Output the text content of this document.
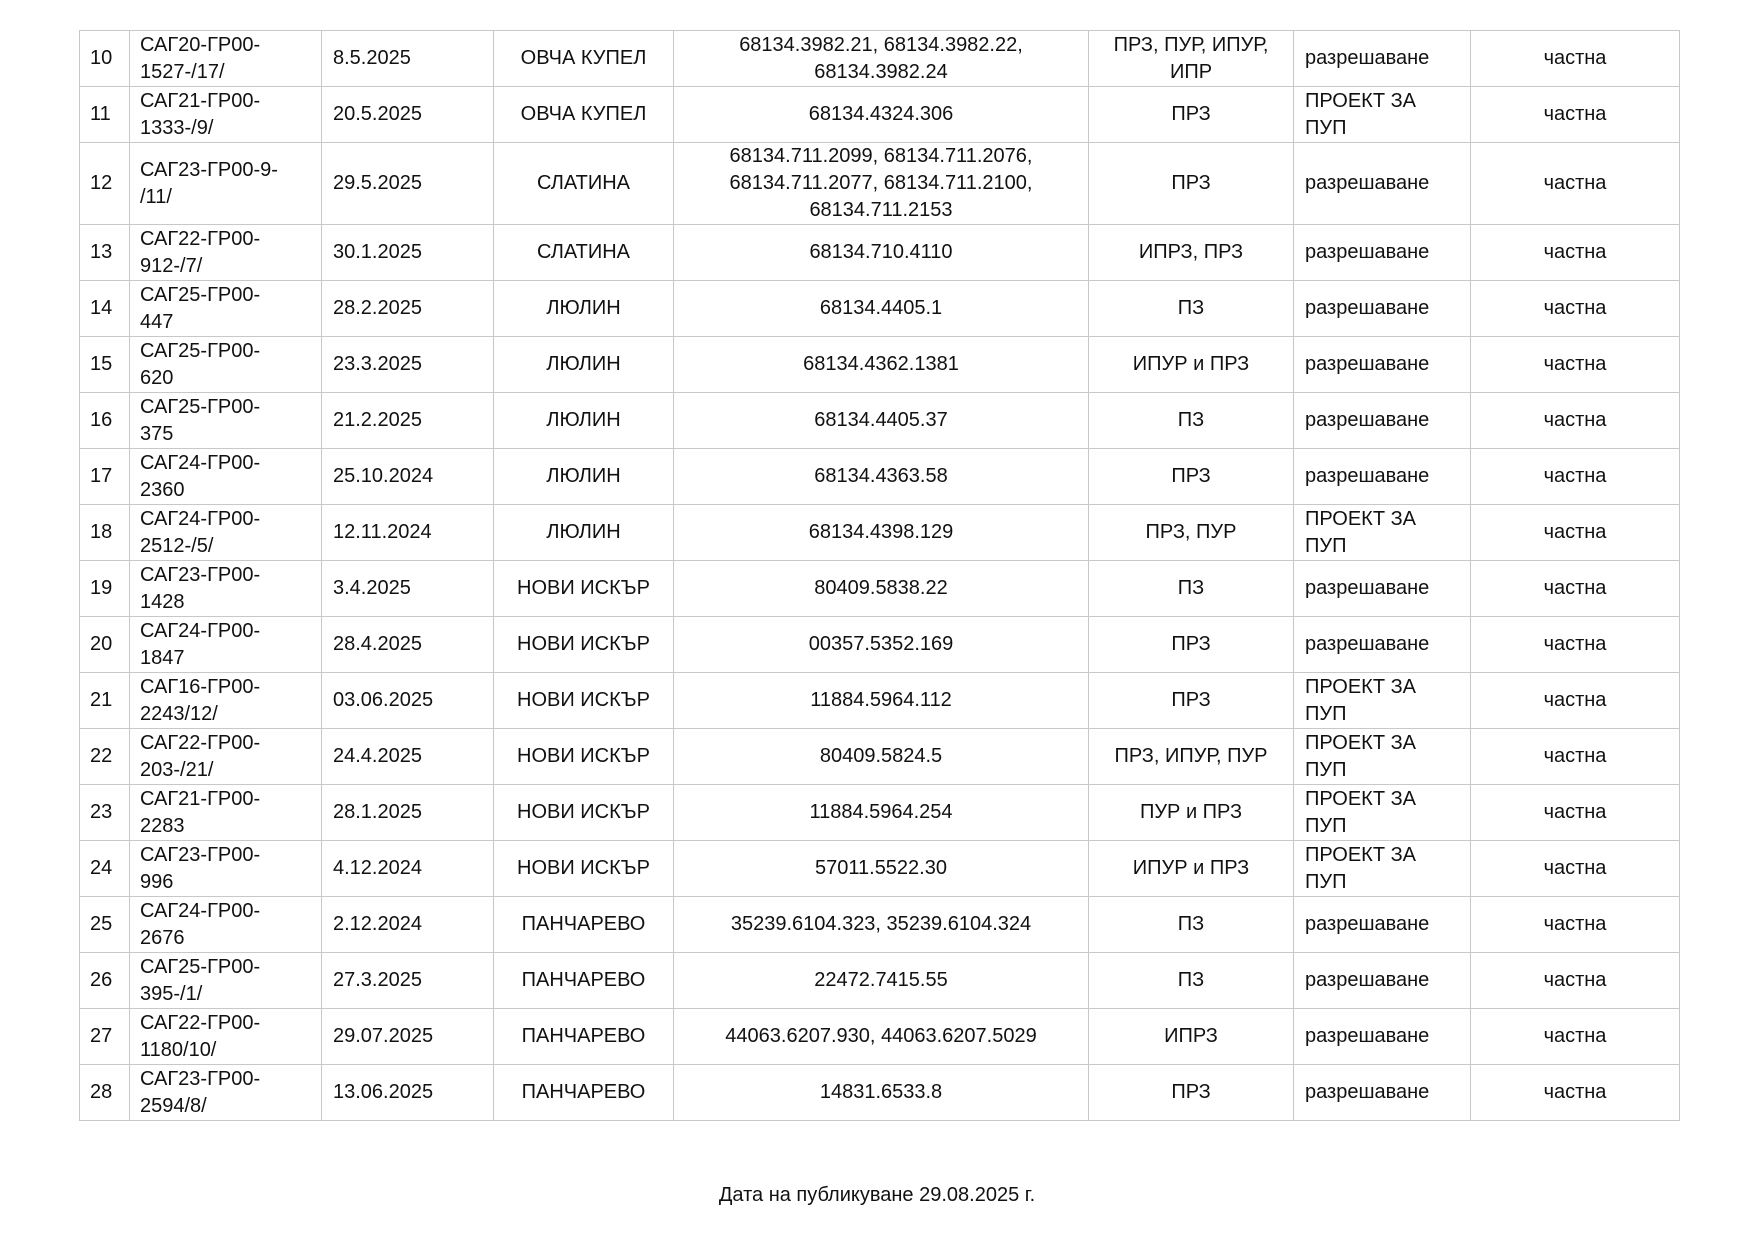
10	САГ20-ГР00-
1527-/17/	8.5.2025	ОВЧА КУПЕЛ	68134.3982.21, 68134.3982.22,
68134.3982.24	ПРЗ, ПУР, ИПУР,
ИПР	разрешаване	частна

11	САГ21-ГР00-
1333-/9/	20.5.2025	ОВЧА КУПЕЛ	68134.4324.306	ПРЗ	ПРОЕКТ ЗА
ПУП	частна

12	САГ23-ГР00-9-
/11/	29.5.2025	СЛАТИНА	68134.711.2099, 68134.711.2076,
68134.711.2077, 68134.711.2100,
68134.711.2153	ПРЗ	разрешаване	частна

13	САГ22-ГР00-
912-/7/	30.1.2025	СЛАТИНА	68134.710.4110	ИПРЗ, ПРЗ	разрешаване	частна

14	САГ25-ГР00-
447	28.2.2025	ЛЮЛИН	68134.4405.1	ПЗ	разрешаване	частна

15	САГ25-ГР00-
620	23.3.2025	ЛЮЛИН	68134.4362.1381	ИПУР и ПРЗ	разрешаване	частна

16	САГ25-ГР00-
375	21.2.2025	ЛЮЛИН	68134.4405.37	ПЗ	разрешаване	частна

17	САГ24-ГР00-
2360	25.10.2024	ЛЮЛИН	68134.4363.58	ПРЗ	разрешаване	частна

18	САГ24-ГР00-
2512-/5/	12.11.2024	ЛЮЛИН	68134.4398.129	ПРЗ, ПУР	ПРОЕКТ ЗА
ПУП	частна

19	САГ23-ГР00-
1428	3.4.2025	НОВИ ИСКЪР	80409.5838.22	ПЗ	разрешаване	частна

20	САГ24-ГР00-
1847	28.4.2025	НОВИ ИСКЪР	00357.5352.169	ПРЗ	разрешаване	частна

21	САГ16-ГР00-
2243/12/	03.06.2025	НОВИ ИСКЪР	11884.5964.112	ПРЗ	ПРОЕКТ ЗА
ПУП	частна

22	САГ22-ГР00-
203-/21/	24.4.2025	НОВИ ИСКЪР	80409.5824.5	ПРЗ, ИПУР, ПУР	ПРОЕКТ ЗА
ПУП	частна

23	САГ21-ГР00-
2283	28.1.2025	НОВИ ИСКЪР	11884.5964.254	ПУР и ПРЗ	ПРОЕКТ ЗА
ПУП	частна

24	САГ23-ГР00-
996	4.12.2024	НОВИ ИСКЪР	57011.5522.30	ИПУР и ПРЗ	ПРОЕКТ ЗА
ПУП	частна

25	САГ24-ГР00-
2676	2.12.2024	ПАНЧАРЕВО	35239.6104.323, 35239.6104.324	ПЗ	разрешаване	частна

26	САГ25-ГР00-
395-/1/	27.3.2025	ПАНЧАРЕВО	22472.7415.55	ПЗ	разрешаване	частна

27	САГ22-ГР00-
1180/10/	29.07.2025	ПАНЧАРЕВО	44063.6207.930, 44063.6207.5029	ИПРЗ	разрешаване	частна

28	САГ23-ГР00-
2594/8/	13.06.2025	ПАНЧАРЕВО	14831.6533.8	ПРЗ	разрешаване	частна
Дата на публикуване 29.08.2025 г.
